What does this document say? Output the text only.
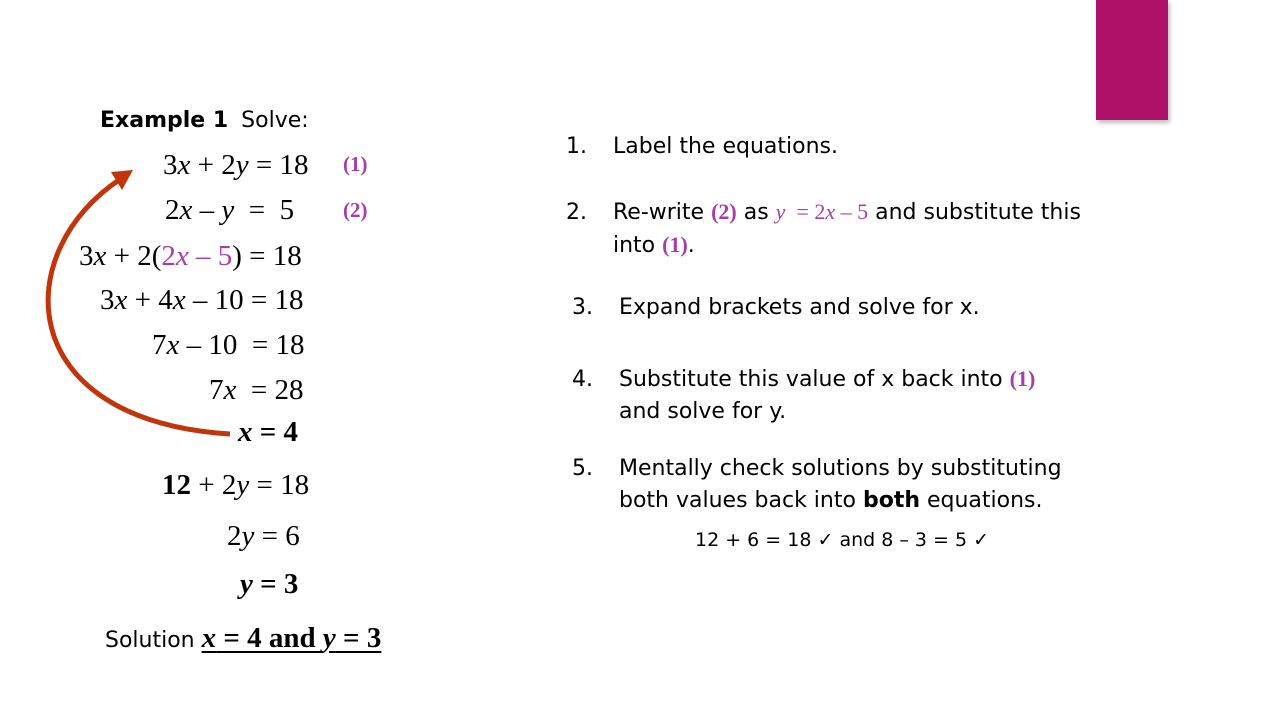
Example 1 Solve:
3x + 2y = 18 (1)
2x – y  =  5 (2)
3x + 2(2x – 5) = 18
3x + 4x – 10 = 18
7x – 10  = 18
7x  = 28
x = 4
12 + 2y = 18
2y = 6
y = 3
Solution x = 4 and y = 3
1. Label the equations.
2. Re-write (2) as y  = 2x – 5 and substitute this
into (1).
3. Expand brackets and solve for x.
4. Substitute this value of x back into (1)
and solve for y.
5. Mentally check solutions by substituting
both values back into both equations.
12 + 6 = 18 ✓ and 8 – 3 = 5 ✓
